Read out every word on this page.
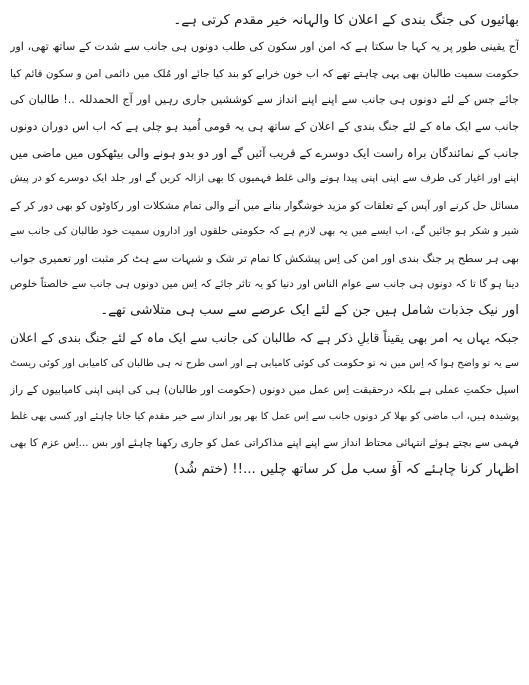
بھائیوں کی جنگ بندی کے اعلان کا والہانہ خیر مقدم کرتی ہے۔
آج یقینی طور پر یہ کہا جا سکتا ہے کہ امن اور سکون کی طلب دونوں ہی جانب سے شدت کے ساتھ تھی، اور
حکومت سمیت طالبان بھی یہی چاہتے تھے کہ اب خون خرابے کو بند کیا جائے اور مُلک میں دائمی امن و سکون قائم کیا
جائے جس کے لئے دونوں ہی جانب سے اپنے اپنے انداز سے کوششیں جاری رہیں اور آج الحمدللہ ..! طالبان کی
جانب سے ایک ماہ کے لئے جنگ بندی کے اعلان کے ساتھ ہی یہ قومی اُمید ہو چلی ہے کہ اب اس دوران دونوں
جانب کے نمائندگان براہ راست ایک دوسرے کے قریب آئیں گے اور دو بدو ہونے والی بیٹھکوں میں ماضی میں
اپنے اور اغیار کی طرف سے اپنی اپنی پیدا ہونے والی غلط فہمیوں کا بھی ازالہ کریں گے اور جلد ایک دوسرے کو در پیش
مسائل حل کرنے اور آپس کے تعلقات کو مزید خوشگوار بنانے میں آنے والی تمام مشکلات اور رکاوٹوں کو بھی دور کر کے
شیر و شکر ہو جائیں گے، اب ایسے میں یہ بھی لازم ہے کہ حکومتی حلقوں اور اداروں سمیت خود طالبان کی جانب سے
بھی ہر سطح پر جنگ بندی اور امن کی اِس پیشکش کا تمام تر شک و شبہات سے ہٹ کر مثبت اور تعمیری جواب
دینا ہو گا تا کہ دونوں ہی جانب سے عوام الناس اور دنیا کو یہ تاثر جائے کہ اِس میں دونوں ہی جانب سے خالصتاً خلوص
اور نیک جذبات شامل ہیں جن کے لئے ایک عرصے سے سب ہی متلاشی تھے۔
جبکہ یہاں یہ امر بھی یقیناً قابلِ ذکر ہے کہ طالبان کی جانب سے ایک ماہ کے لئے جنگ بندی کے اعلان
سے یہ تو واضح ہوا کہ اِس میں نہ تو حکومت کی کوئی کامیابی ہے اور اسی طرح نہ ہی طالبان کی کامیابی اور کوئی ریسٹ
اسپل حکمتِ عملی ہے بلکہ درحقیقت اِس عمل میں دونوں (حکومت اور طالبان) ہی کی اپنی اپنی کامیابیوں کے راز
پوشیدہ ہیں، اب ماضی کو بھلا کر دونوں جانب سے اِس عمل کا بھر پور انداز سے خیر مقدم کیا جانا چاہئے اور کسی بھی غلط
فہمی سے بچتے ہوئے انتہائی محتاط انداز سے اپنے اپنے مذاکراتی عمل کو جاری رکھنا چاہئے اور بس ...اِس عزم کا بھی
اظہار کرنا چاہئے کہ آؤ سب مل کر ساتھ چلیں ...!! (ختم شُد)
